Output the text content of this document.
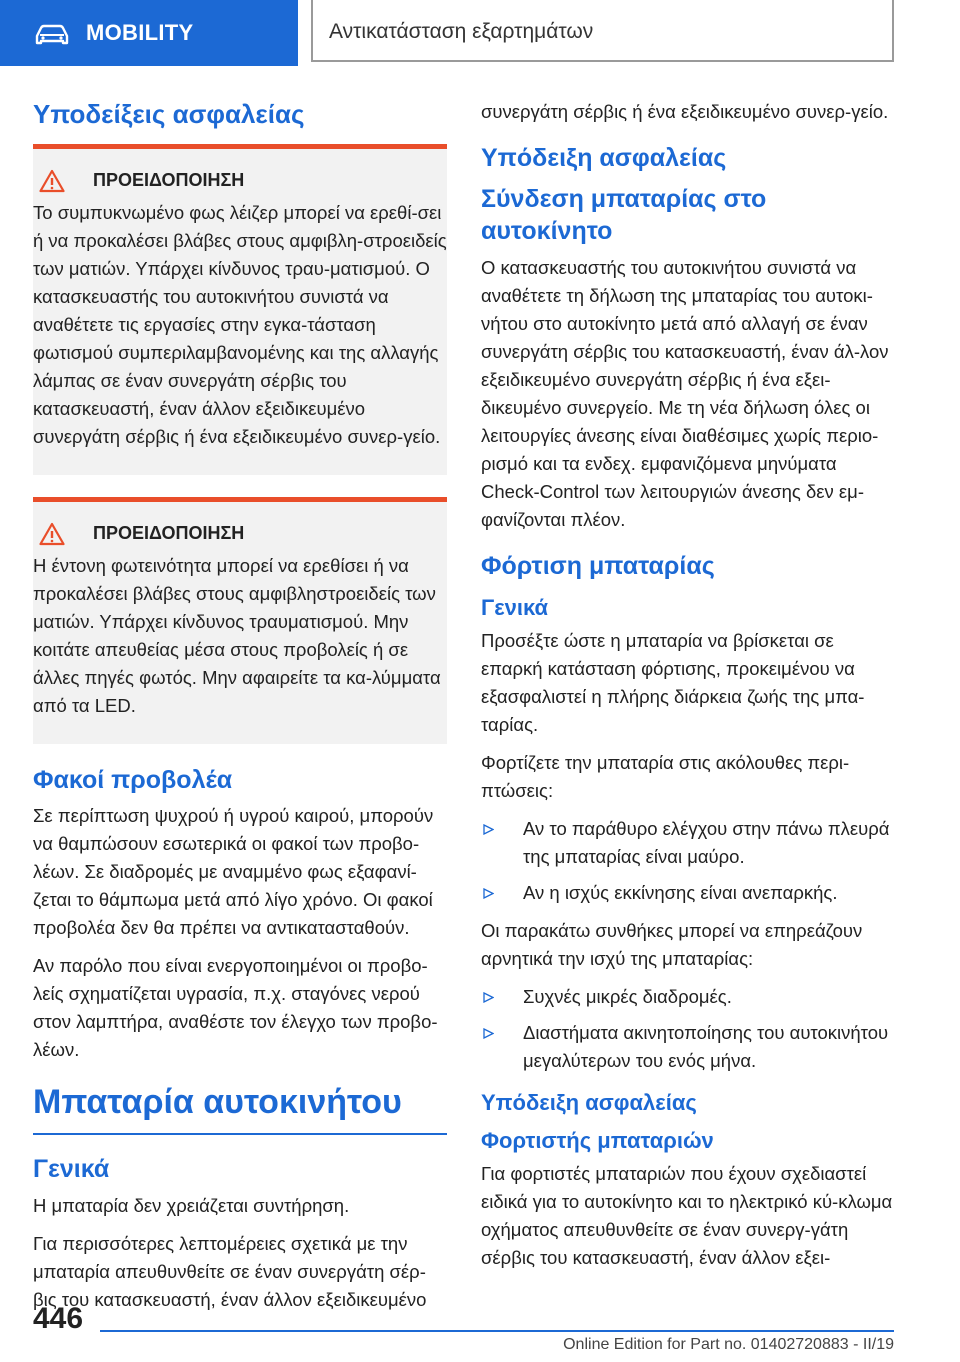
MOBILITY	Αντικατάσταση εξαρτημάτων
Υποδείξεις ασφαλείας
ΠΡΟΕΙΔΟΠΟΙΗΣΗ

Το συμπυκνωμένο φως λέιζερ μπορεί να ερεθί-σει ή να προκαλέσει βλάβες στους αμφιβλη-στροειδείς των ματιών. Υπάρχει κίνδυνος τραυ-ματισμού. Ο κατασκευαστής του αυτοκινήτου συνιστά να αναθέτετε τις εργασίες στην εγκα-τάσταση φωτισμού συμπεριλαμβανομένης και της αλλαγής λάμπας σε έναν συνεργάτη σέρβις του κατασκευαστή, έναν άλλον εξειδικευμένο συνεργάτη σέρβις ή ένα εξειδικευμένο συνερ-γείο.

ΠΡΟΕΙΔΟΠΟΙΗΣΗ

Η έντονη φωτεινότητα μπορεί να ερεθίσει ή να προκαλέσει βλάβες στους αμφιβληστροειδείς των ματιών. Υπάρχει κίνδυνος τραυματισμού. Μην κοιτάτε απευθείας μέσα στους προβολείς ή σε άλλες πηγές φωτός. Μην αφαιρείτε τα κα-λύμματα από τα LED.

Φακοί προβολέα

Σε περίπτωση ψυχρού ή υγρού καιρού, μπορούν να θαμπώσουν εσωτερικά οι φακοί των προβο-λέων. Σε διαδρομές με αναμμένο φως εξαφανί-ζεται το θάμπωμα μετά από λίγο χρόνο. Οι φακοί προβολέα δεν θα πρέπει να αντικατασταθούν.

Αν παρόλο που είναι ενεργοποιημένοι οι προβο-λείς σχηματίζεται υγρασία, π.χ. σταγόνες νερού στον λαμπτήρα, αναθέστε τον έλεγχο των προβο-λέων.

Μπαταρία αυτοκινήτου
Γενικά

Η μπαταρία δεν χρειάζεται συντήρηση.

Για περισσότερες λεπτομέρειες σχετικά με την μπαταρία απευθυνθείτε σε έναν συνεργάτη σέρ-βις του κατασκευαστή, έναν άλλον εξειδικευμένο

συνεργάτη σέρβις ή ένα εξειδικευμένο συνερ-γείο.

Υπόδειξη ασφαλείας
Σύνδεση μπαταρίας στο αυτοκίνητο

Ο κατασκευαστής του αυτοκινήτου συνιστά να αναθέτετε τη δήλωση της μπαταρίας του αυτοκι-νήτου στο αυτοκίνητο μετά από αλλαγή σε έναν συνεργάτη σέρβις του κατασκευαστή, έναν άλ-λον εξειδικευμένο συνεργάτη σέρβις ή ένα εξει-δικευμένο συνεργείο. Με τη νέα δήλωση όλες οι λειτουργίες άνεσης είναι διαθέσιμες χωρίς περιο-ρισμό και τα ενδεχ. εμφανιζόμενα μηνύματα Check-Control των λειτουργιών άνεσης δεν εμ-φανίζονται πλέον.

Φόρτιση μπαταρίας
Γενικά

Προσέξτε ώστε η μπαταρία να βρίσκεται σε επαρκή κατάσταση φόρτισης, προκειμένου να εξασφαλιστεί η πλήρης διάρκεια ζωής της μπα-ταρίας.

Φορτίζετε την μπαταρία στις ακόλουθες περι-πτώσεις:

Αν το παράθυρο ελέγχου στην πάνω πλευρά της μπαταρίας είναι μαύρο.
Αν η ισχύς εκκίνησης είναι ανεπαρκής.

Οι παρακάτω συνθήκες μπορεί να επηρεάζουν αρνητικά την ισχύ της μπαταρίας:

Συχνές μικρές διαδρομές.
Διαστήματα ακινητοποίησης του αυτοκινήτου μεγαλύτερων του ενός μήνα.
Υπόδειξη ασφαλείας
Φορτιστής μπαταριών

Για φορτιστές μπαταριών που έχουν σχεδιαστεί ειδικά για το αυτοκίνητο και το ηλεκτρικό κύ-κλωμα οχήματος απευθυνθείτε σε έναν συνεργ-γάτη σέρβις του κατασκευαστή, έναν άλλον εξει-

446
Online Edition for Part no. 01402720883 - II/19
